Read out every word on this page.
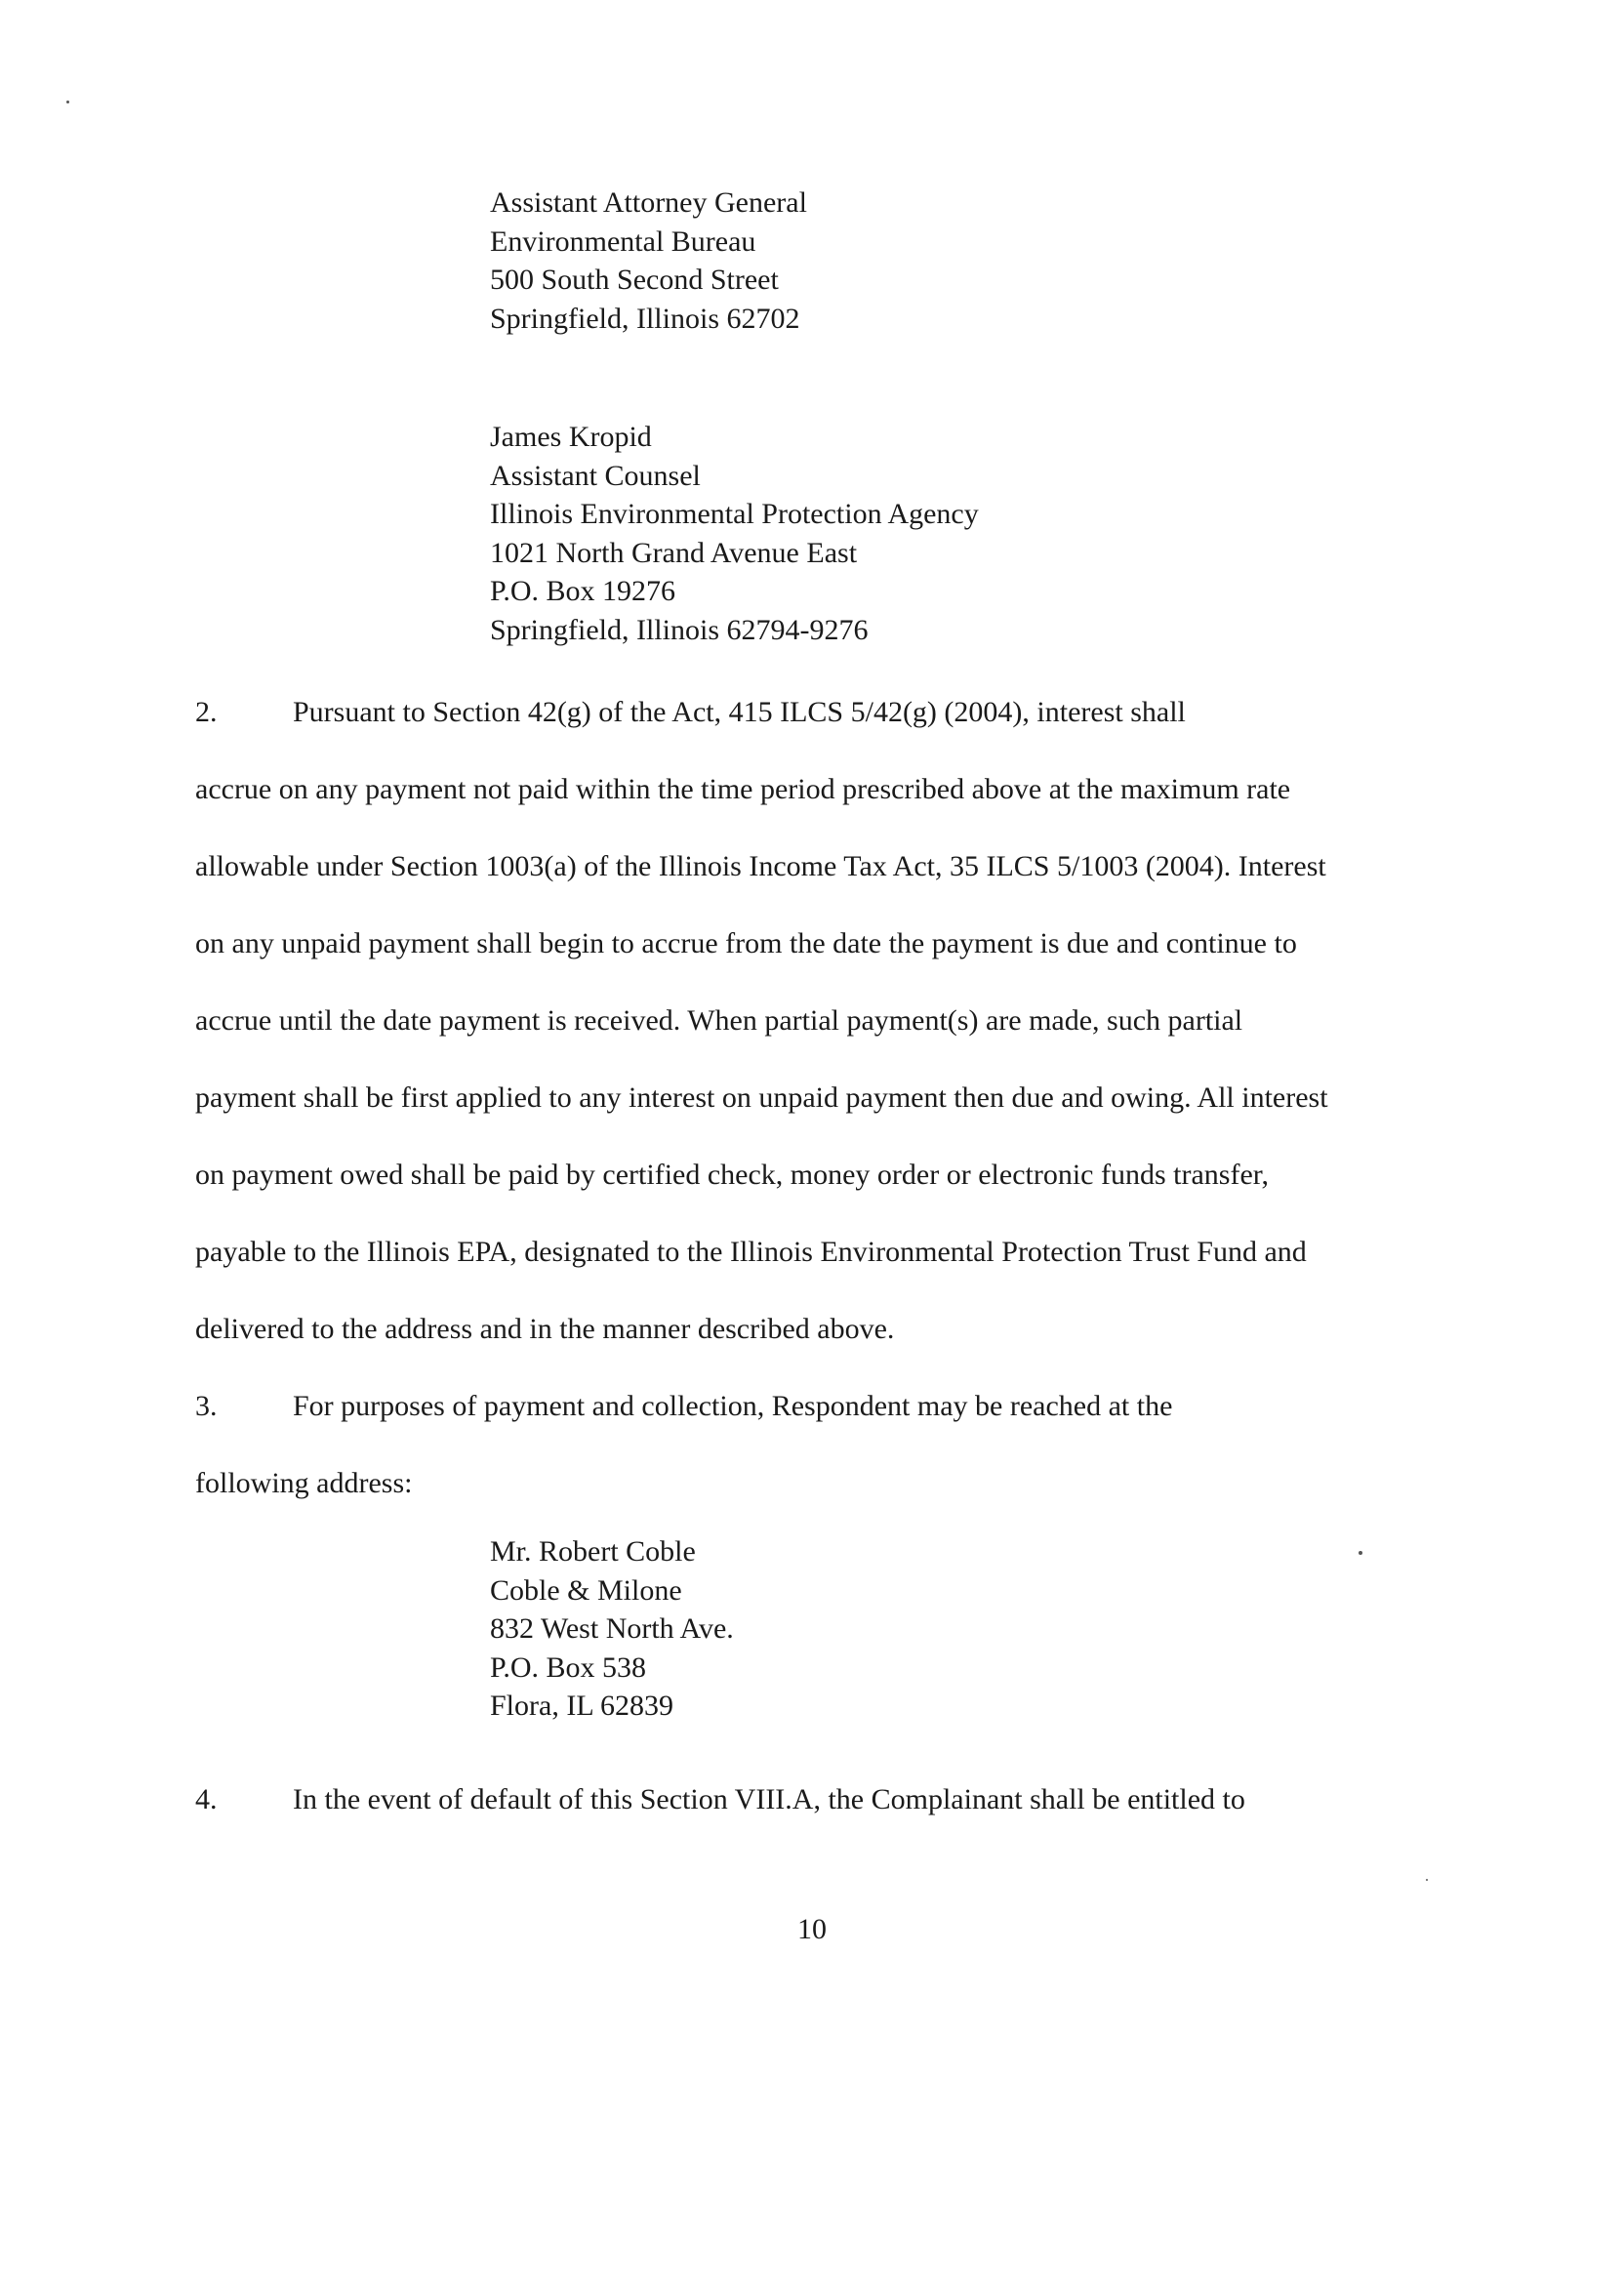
Assistant Attorney General
Environmental Bureau
500 South Second Street
Springfield, Illinois 62702
James Kropid
Assistant Counsel
Illinois Environmental Protection Agency
1021 North Grand Avenue East
P.O. Box 19276
Springfield, Illinois 62794-9276
2.	Pursuant to Section 42(g) of the Act, 415 ILCS 5/42(g) (2004), interest shall
accrue on any payment not paid within the time period prescribed above at the maximum rate
allowable under Section 1003(a) of the Illinois Income Tax Act, 35 ILCS 5/1003 (2004). Interest
on any unpaid payment shall begin to accrue from the date the payment is due and continue to
accrue until the date payment is received. When partial payment(s) are made, such partial
payment shall be first applied to any interest on unpaid payment then due and owing. All interest
on payment owed shall be paid by certified check, money order or electronic funds transfer,
payable to the Illinois EPA, designated to the Illinois Environmental Protection Trust Fund and
delivered to the address and in the manner described above.
3.	For purposes of payment and collection, Respondent may be reached at the
following address:
Mr. Robert Coble
Coble & Milone
832 West North Ave.
P.O. Box 538
Flora, IL 62839
4.	In the event of default of this Section VIII.A, the Complainant shall be entitled to
10
